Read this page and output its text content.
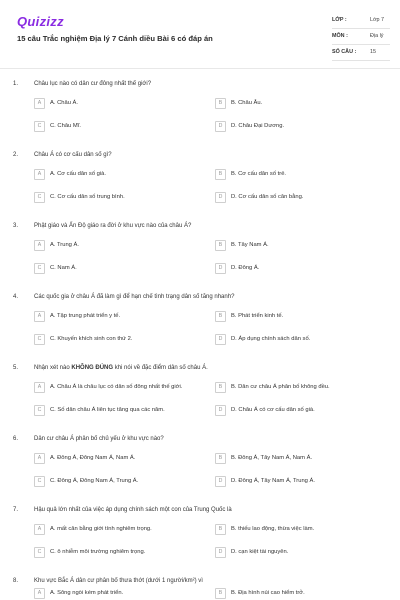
Quizizz
15 câu Trắc nghiệm Địa lý 7 Cánh diều Bài 6 có đáp án
LỚP :	Lớp 7
MÔN :	Địa lý
SỐ CÂU :	15
1.	Châu lục nào có dân cư đông nhất thế giới?
A	A. Châu Á.	B	B. Châu Âu.
C	C. Châu Mĩ.	D	D. Châu Đại Dương.
2.	Châu Á có cơ cấu dân số gì?
A	A. Cơ cấu dân số già.	B	B. Cơ cấu dân số trẻ.
C	C. Cơ cấu dân số trung bình.	D	D. Cơ cấu dân số cân bằng.
3.	Phật giáo và Ấn Độ giáo ra đời ở khu vực nào của châu Á?
A	A. Trung Á.	B	B. Tây Nam Á.
C	C. Nam Á.	D	D. Đông Á.
4.	Các quốc gia ở châu Á đã làm gì để hạn chế tình trạng dân số tăng nhanh?
A	A. Tập trung phát triển y tế.	B	B. Phát triển kinh tế.
C	C. Khuyến khích sinh con thứ 2.	D	D. Áp dụng chính sách dân số.
5.	Nhận xét nào KHÔNG ĐÚNG khi nói về đặc điểm dân số châu Á.
A	A. Châu Á là châu lục có dân số đông nhất thế giới.	B	B. Dân cư châu Á phân bố không đều.
C	C. Số dân châu Á liên tục tăng qua các năm.	D	D. Châu Á có cơ cấu dân số già.
6.	Dân cư châu Á phân bố chủ yếu ở khu vực nào?
A	A. Đông Á, Đông Nam Á, Nam Á.	B	B. Đông Á, Tây Nam Á, Nam Á.
C	C. Đông Á, Đông Nam Á, Trung Á.	D	D. Đông Á, Tây Nam Á, Trung Á.
7.	Hậu quả lớn nhất của việc áp dụng chính sách một con của Trung Quốc là
A	A. mất cân bằng giới tính nghiêm trọng.	B	B. thiếu lao động, thừa việc làm.
C	C. ô nhiễm môi trường nghiêm trọng.	D	D. cạn kiệt tài nguyên.
8.	Khu vực Bắc Á dân cư phân bố thưa thớt (dưới 1 người/km²) vì
A	A. Sông ngòi kém phát triển.	B	B. Địa hình núi cao hiểm trở.
